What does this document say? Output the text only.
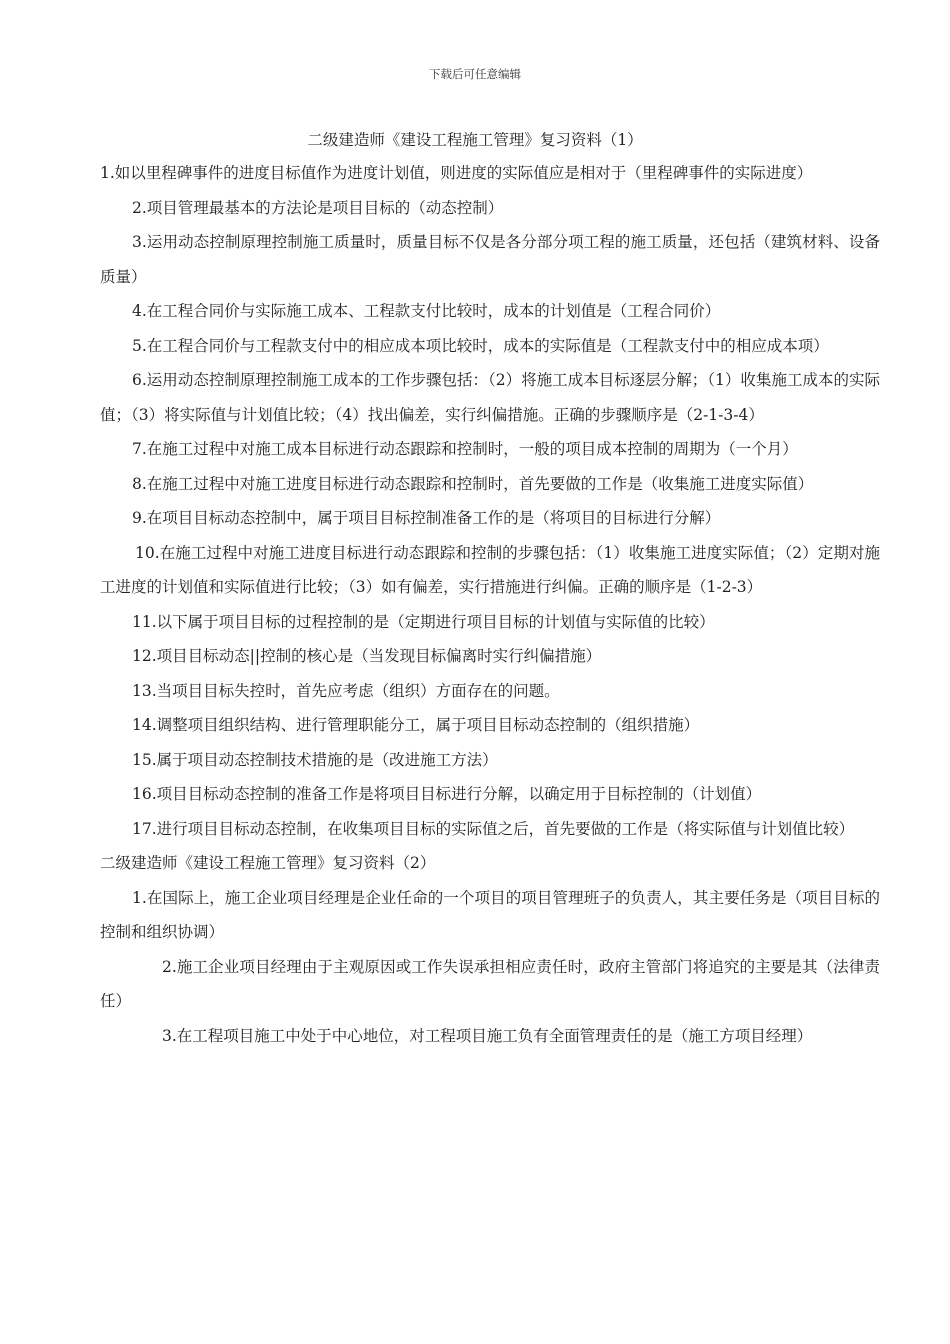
下载后可任意编辑
二级建造师《建设工程施工管理》复习资料（1）

1.如以里程碑事件的进度目标值作为进度计划值，则进度的实际值应是相对于（里程碑事件的实际进度）

2.项目管理最基本的方法论是项目目标的（动态控制）

3.运用动态控制原理控制施工质量时，质量目标不仅是各分部分项工程的施工质量，还包括（建筑材料、设备质量）

4.在工程合同价与实际施工成本、工程款支付比较时，成本的计划值是（工程合同价）

5.在工程合同价与工程款支付中的相应成本项比较时，成本的实际值是（工程款支付中的相应成本项）

6.运用动态控制原理控制施工成本的工作步骤包括：（2）将施工成本目标逐层分解；（1）收集施工成本的实际值；（3）将实际值与计划值比较；（4）找出偏差，实行纠偏措施。正确的步骤顺序是（2-1-3-4）

7.在施工过程中对施工成本目标进行动态跟踪和控制时，一般的项目成本控制的周期为（一个月）

8.在施工过程中对施工进度目标进行动态跟踪和控制时，首先要做的工作是（收集施工进度实际值）

9.在项目目标动态控制中，属于项目目标控制准备工作的是（将项目的目标进行分解）

10.在施工过程中对施工进度目标进行动态跟踪和控制的步骤包括：（1）收集施工进度实际值；（2）定期对施工进度的计划值和实际值进行比较；（3）如有偏差，实行措施进行纠偏。正确的顺序是（1-2-3）

11.以下属于项目目标的过程控制的是（定期进行项目目标的计划值与实际值的比较）

12.项目目标动态||控制的核心是（当发现目标偏离时实行纠偏措施）

13.当项目目标失控时，首先应考虑（组织）方面存在的问题。

14.调整项目组织结构、进行管理职能分工，属于项目目标动态控制的（组织措施）

15.属于项目动态控制技术措施的是（改进施工方法）

16.项目目标动态控制的准备工作是将项目目标进行分解，以确定用于目标控制的（计划值）

17.进行项目目标动态控制，在收集项目目标的实际值之后，首先要做的工作是（将实际值与计划值比较）

二级建造师《建设工程施工管理》复习资料（2）

1.在国际上，施工企业项目经理是企业任命的一个项目的项目管理班子的负责人，其主要任务是（项目目标的控制和组织协调）

2.施工企业项目经理由于主观原因或工作失误承担相应责任时，政府主管部门将追究的主要是其（法律责任）

3.在工程项目施工中处于中心地位，对工程项目施工负有全面管理责任的是（施工方项目经理）
